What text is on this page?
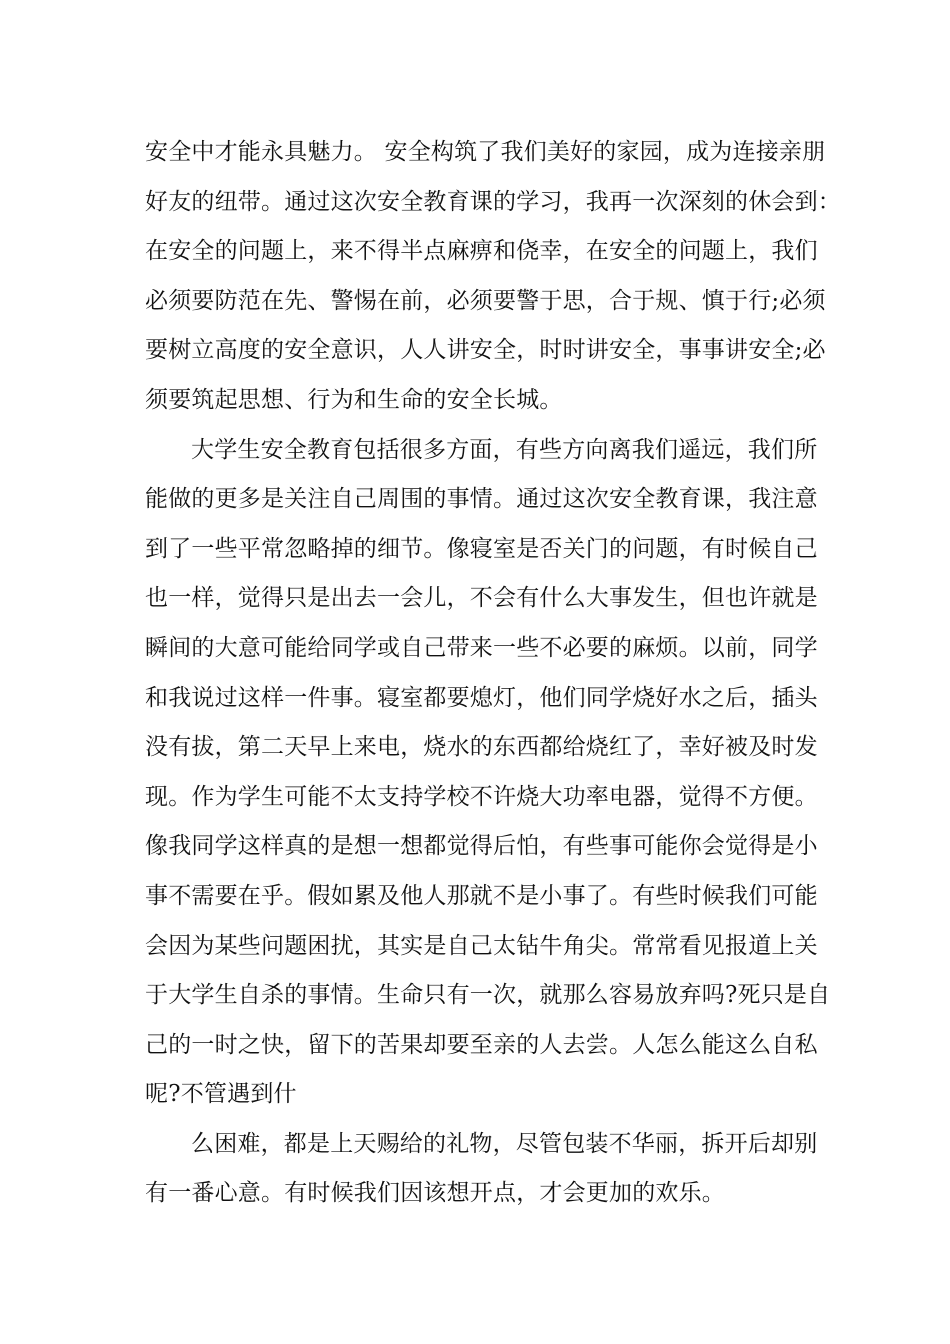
安全中才能永具魅力。 安全构筑了我们美好的家园，成为连接亲朋
好友的纽带。通过这次安全教育课的学习，我再一次深刻的休会到：
在安全的问题上，来不得半点麻痹和侥幸，在安全的问题上，我们
必须要防范在先、警惕在前，必须要警于思，合于规、慎于行;必须
要树立高度的安全意识，人人讲安全，时时讲安全，事事讲安全;必
须要筑起思想、行为和生命的安全长城。
大学生安全教育包括很多方面，有些方向离我们遥远，我们所
能做的更多是关注自己周围的事情。通过这次安全教育课，我注意
到了一些平常忽略掉的细节。像寝室是否关门的问题，有时候自己
也一样，觉得只是出去一会儿，不会有什么大事发生，但也许就是
瞬间的大意可能给同学或自己带来一些不必要的麻烦。以前，同学
和我说过这样一件事。寝室都要熄灯，他们同学烧好水之后，插头
没有拔，第二天早上来电，烧水的东西都给烧红了，幸好被及时发
现。作为学生可能不太支持学校不许烧大功率电器，觉得不方便。
像我同学这样真的是想一想都觉得后怕，有些事可能你会觉得是小
事不需要在乎。假如累及他人那就不是小事了。有些时候我们可能
会因为某些问题困扰，其实是自己太钻牛角尖。常常看见报道上关
于大学生自杀的事情。生命只有一次，就那么容易放弃吗?死只是自
己的一时之快，留下的苦果却要至亲的人去尝。人怎么能这么自私
呢?不管遇到什
么困难，都是上天赐给的礼物，尽管包装不华丽，拆开后却别
有一番心意。有时候我们因该想开点，才会更加的欢乐。
